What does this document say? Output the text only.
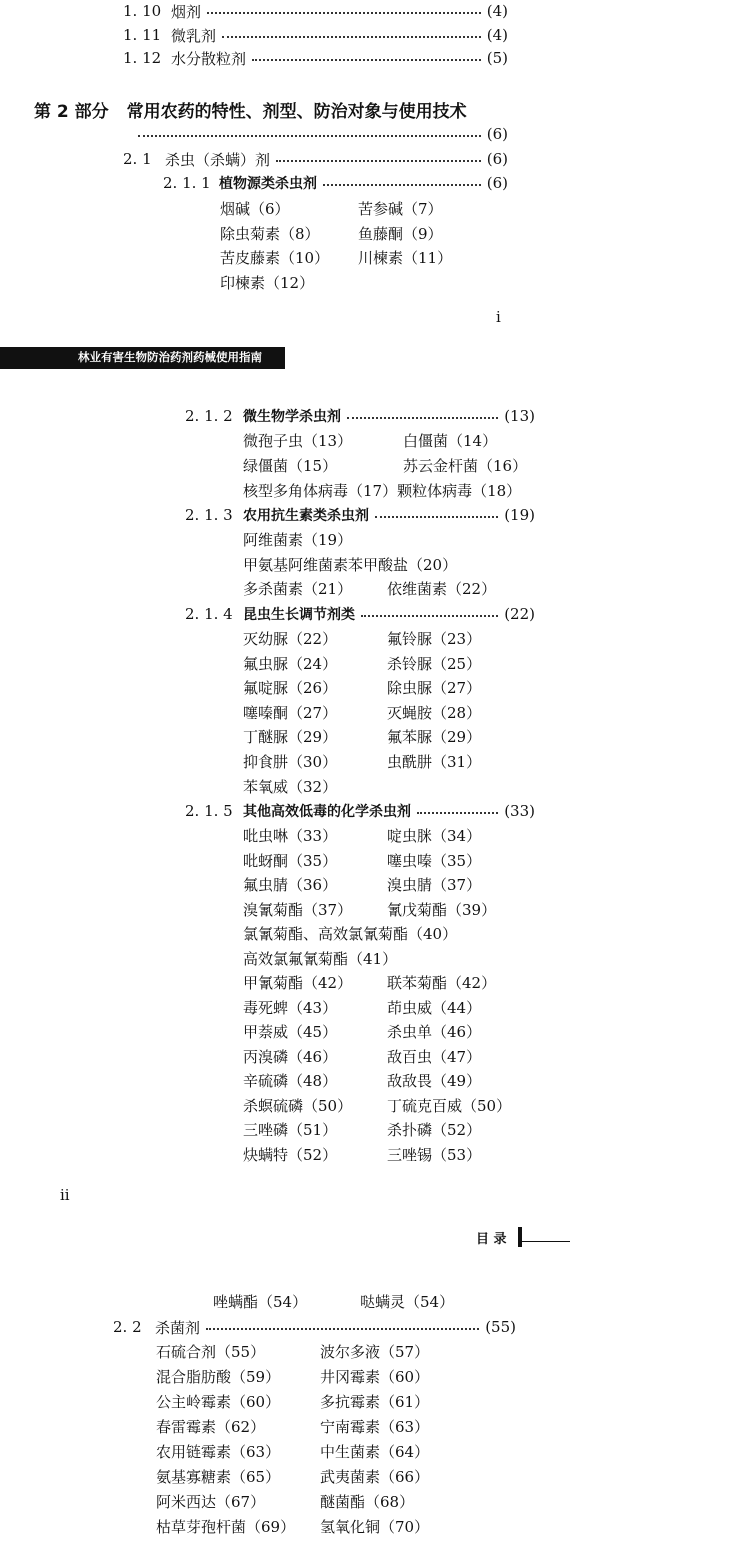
1. 10 烟剂	(4)
1. 11 微乳剂	(4)
1. 12 水分散粒剂	(5)
第 2 部分 常用农药的特性、剂型、防治对象与使用技术
(6)
2. 1 杀虫（杀螨）剂	(6)
2. 1. 1 植物源类杀虫剂	(6)
烟碱（6）	苦参碱（7）
除虫菊素（8）	鱼藤酮（9）
苦皮藤素（10） 川楝素（11）
印楝素（12）
i
林业有害生物防治药剂药械使用指南
2. 1. 2 微生物学杀虫剂	(13)
微孢子虫（13）	白僵菌（14）
绿僵菌（15）	苏云金杆菌（16）
核型多角体病毒（17）颗粒体病毒（18）
2. 1. 3 农用抗生素类杀虫剂	(19)
阿维菌素（19）
甲氨基阿维菌素苯甲酸盐（20）
多杀菌素（21） 依维菌素（22）
2. 1. 4 昆虫生长调节剂类	(22)
灭幼脲（22）	氟铃脲（23）
氟虫脲（24）	杀铃脲（25）
氟啶脲（26）	除虫脲（27）
噻嗪酮（27）	灭蝇胺（28）
丁醚脲（29）	氟苯脲（29）
抑食肼（30）	虫酰肼（31）
苯氧威（32）
2. 1. 5 其他高效低毒的化学杀虫剂	(33)
吡虫啉（33）	啶虫脒（34）
吡蚜酮（35）	噻虫嗪（35）
氟虫腈（36）	溴虫腈（37）
溴氰菊酯（37） 氰戊菊酯（39）
氯氰菊酯、高效氯氰菊酯（40）
高效氯氟氰菊酯（41）
甲氰菊酯（42） 联苯菊酯（42）
毒死蜱（43）	茚虫威（44）
甲萘威（45）	杀虫单（46）
丙溴磷（46）	敌百虫（47）
辛硫磷（48）	敌敌畏（49）
杀螟硫磷（50） 丁硫克百威（50）
三唑磷（51）	杀扑磷（52）
炔螨特（52）	三唑锡（53）
ii
目 录
唑螨酯（54）	哒螨灵（54）
2. 2 杀菌剂	(55)
石硫合剂（55）	波尔多液（57）
混合脂肪酸（59）	井冈霉素（60）
公主岭霉素（60）	多抗霉素（61）
春雷霉素（62）	宁南霉素（63）
农用链霉素（63）	中生菌素（64）
氨基寡糖素（65）	武夷菌素（66）
阿米西达（67）	醚菌酯（68）
枯草芽孢杆菌（69） 氢氧化铜（70）
